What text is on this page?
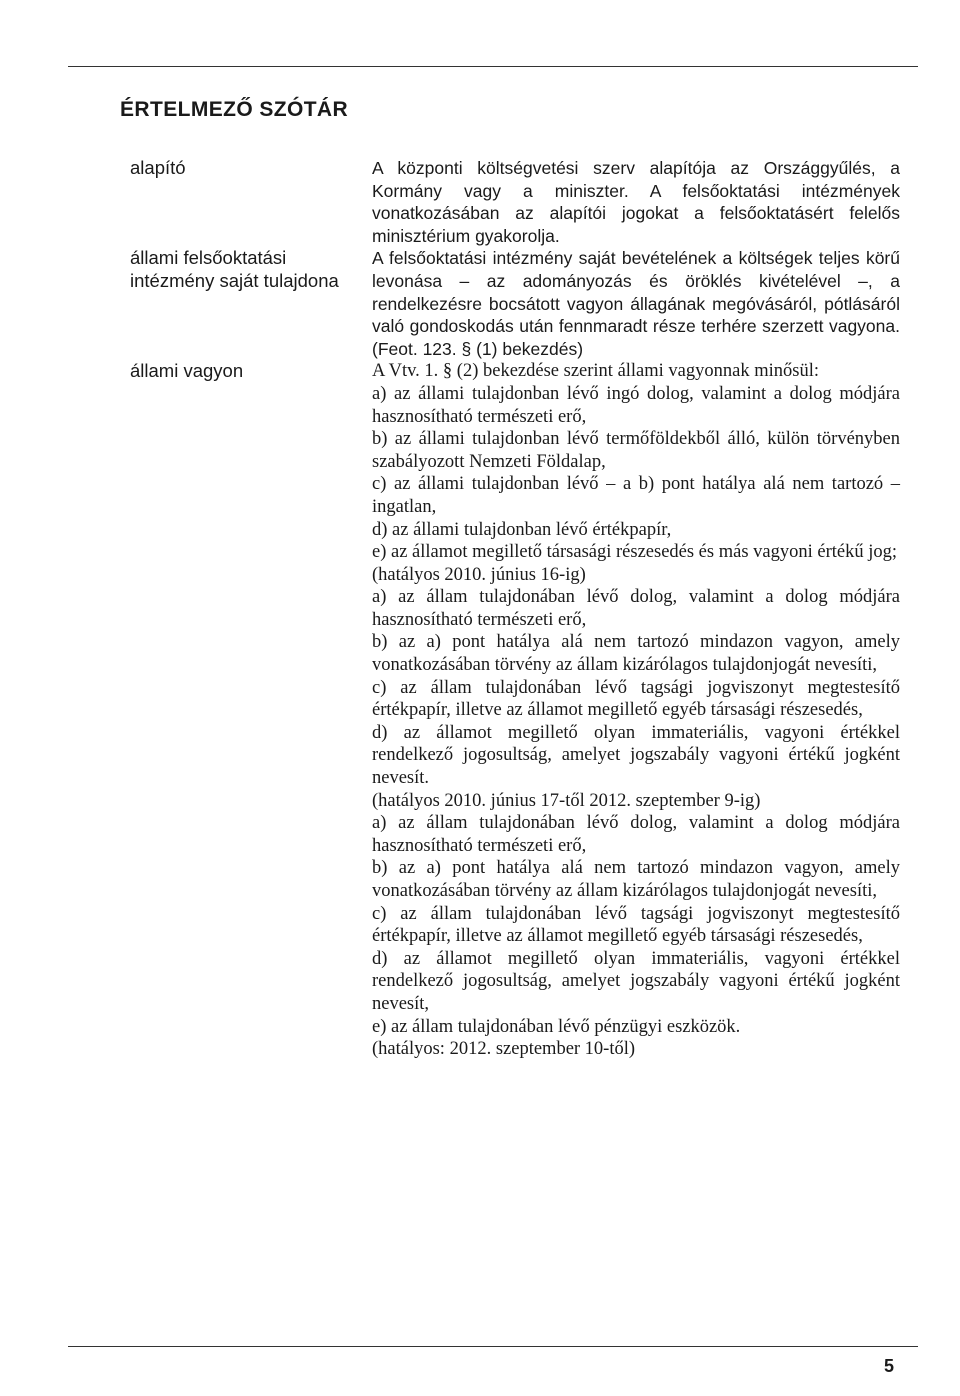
ÉRTELMEZŐ SZÓTÁR
alapító	A központi költségvetési szerv alapítója az Országgyűlés, a Kormány vagy a miniszter. A felsőoktatási intézmények vonatkozásában az alapítói jogokat a felsőoktatásért felelős minisztérium gyakorolja.

állami felsőoktatási intézmény saját tulajdona

A felsőoktatási intézmény saját bevételének a költségek teljes körű levonása – az adományozás és öröklés kivételével –, a rendelkezésre bocsátott vagyon állagának megóvásáról, pótlásáról való gondoskodás után fennmaradt része terhére szerzett vagyona. (Feot. 123. § (1) bekezdés)

állami vagyon	A Vtv. 1. § (2) bekezdése szerint állami vagyonnak minősül:

a) az állami tulajdonban lévő ingó dolog, valamint a dolog módjára hasznosítható természeti erő,

b) az állami tulajdonban lévő termőföldekből álló, külön törvényben szabályozott Nemzeti Földalap,

c) az állami tulajdonban lévő – a b) pont hatálya alá nem tartozó – ingatlan,

d) az állami tulajdonban lévő értékpapír,

e) az államot megillető társasági részesedés és más vagyoni értékű jog;

(hatályos 2010. június 16-ig)

a) az állam tulajdonában lévő dolog, valamint a dolog módjára hasznosítható természeti erő,

b) az a) pont hatálya alá nem tartozó mindazon vagyon, amely vonatkozásában törvény az állam kizárólagos tulajdonjogát nevesíti,

c) az állam tulajdonában lévő tagsági jogviszonyt megtestesítő értékpapír, illetve az államot megillető egyéb társasági részesedés,

d) az államot megillető olyan immateriális, vagyoni értékkel rendelkező jogosultság, amelyet jogszabály vagyoni értékű jogként nevesít.

(hatályos 2010. június 17-től 2012. szeptember 9-ig)

a) az állam tulajdonában lévő dolog, valamint a dolog módjára hasznosítható természeti erő,

b) az a) pont hatálya alá nem tartozó mindazon vagyon, amely vonatkozásában törvény az állam kizárólagos tulajdonjogát nevesíti,

c) az állam tulajdonában lévő tagsági jogviszonyt megtestesítő értékpapír, illetve az államot megillető egyéb társasági részesedés,

d) az államot megillető olyan immateriális, vagyoni értékkel rendelkező jogosultság, amelyet jogszabály vagyoni értékű jogként nevesít,

e) az állam tulajdonában lévő pénzügyi eszközök.

(hatályos: 2012. szeptember 10-től)

5
